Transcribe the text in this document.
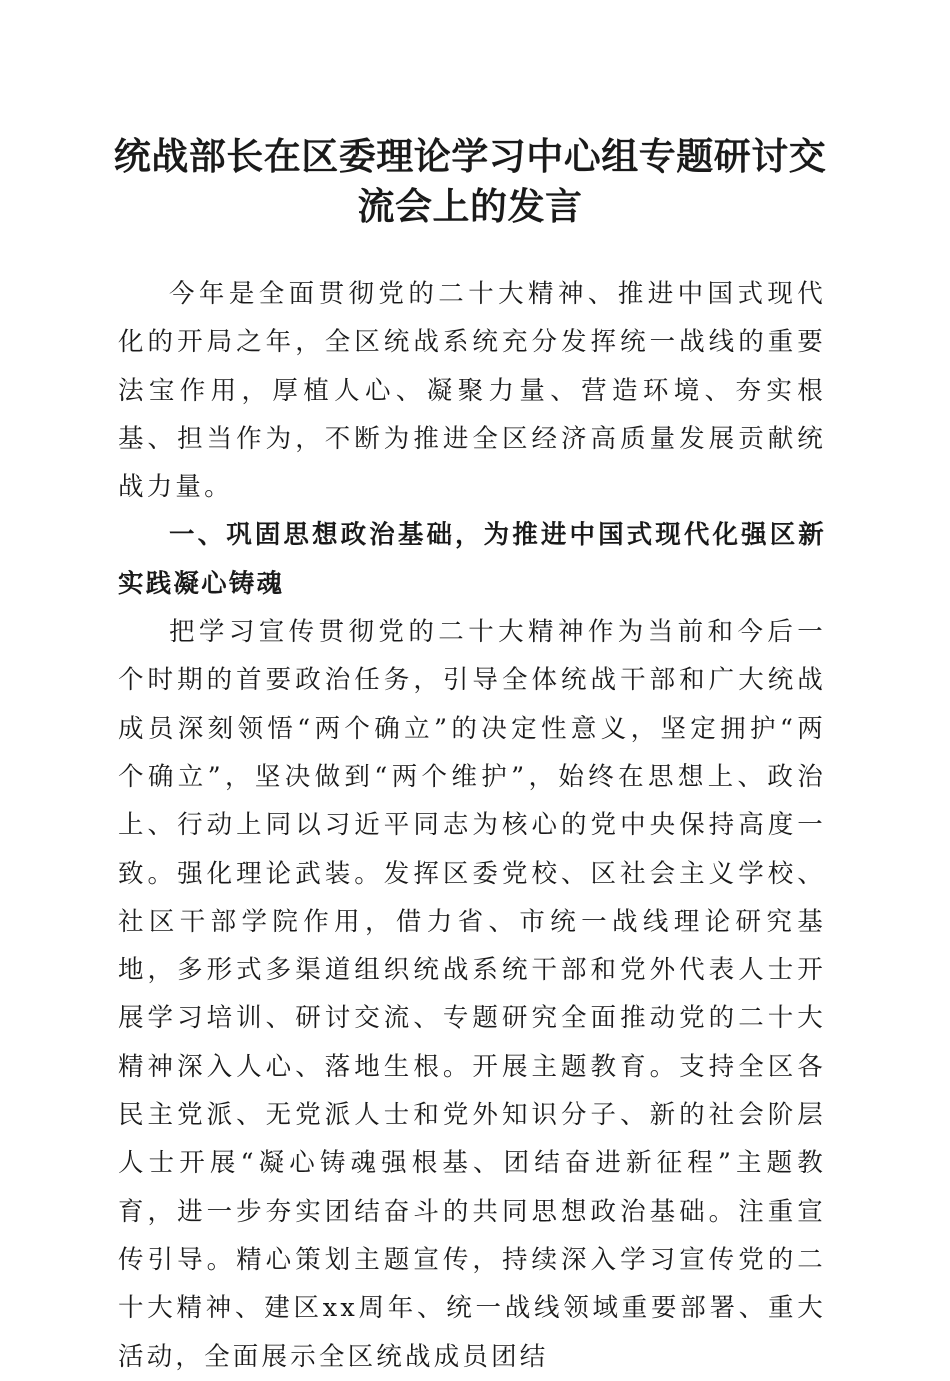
统战部长在区委理论学习中心组专题研讨交流会上的发言

今年是全面贯彻党的二十大精神、推进中国式现代化的开局之年，全区统战系统充分发挥统一战线的重要法宝作用，厚植人心、凝聚力量、营造环境、夯实根基、担当作为，不断为推进全区经济高质量发展贡献统战力量。

一、巩固思想政治基础，为推进中国式现代化强区新实践凝心铸魂

把学习宣传贯彻党的二十大精神作为当前和今后一个时期的首要政治任务，引导全体统战干部和广大统战成员深刻领悟“两个确立”的决定性意义，坚定拥护“两个确立”，坚决做到“两个维护”，始终在思想上、政治上、行动上同以习近平同志为核心的党中央保持高度一致。强化理论武装。发挥区委党校、区社会主义学校、社区干部学院作用，借力省、市统一战线理论研究基地，多形式多渠道组织统战系统干部和党外代表人士开展学习培训、研讨交流、专题研究全面推动党的二十大精神深入人心、落地生根。开展主题教育。支持全区各民主党派、无党派人士和党外知识分子、新的社会阶层人士开展“凝心铸魂强根基、团结奋进新征程”主题教育，进一步夯实团结奋斗的共同思想政治基础。注重宣传引导。精心策划主题宣传，持续深入学习宣传党的二十大精神、建区xx周年、统一战线领域重要部署、重大活动，全面展示全区统战成员团结
